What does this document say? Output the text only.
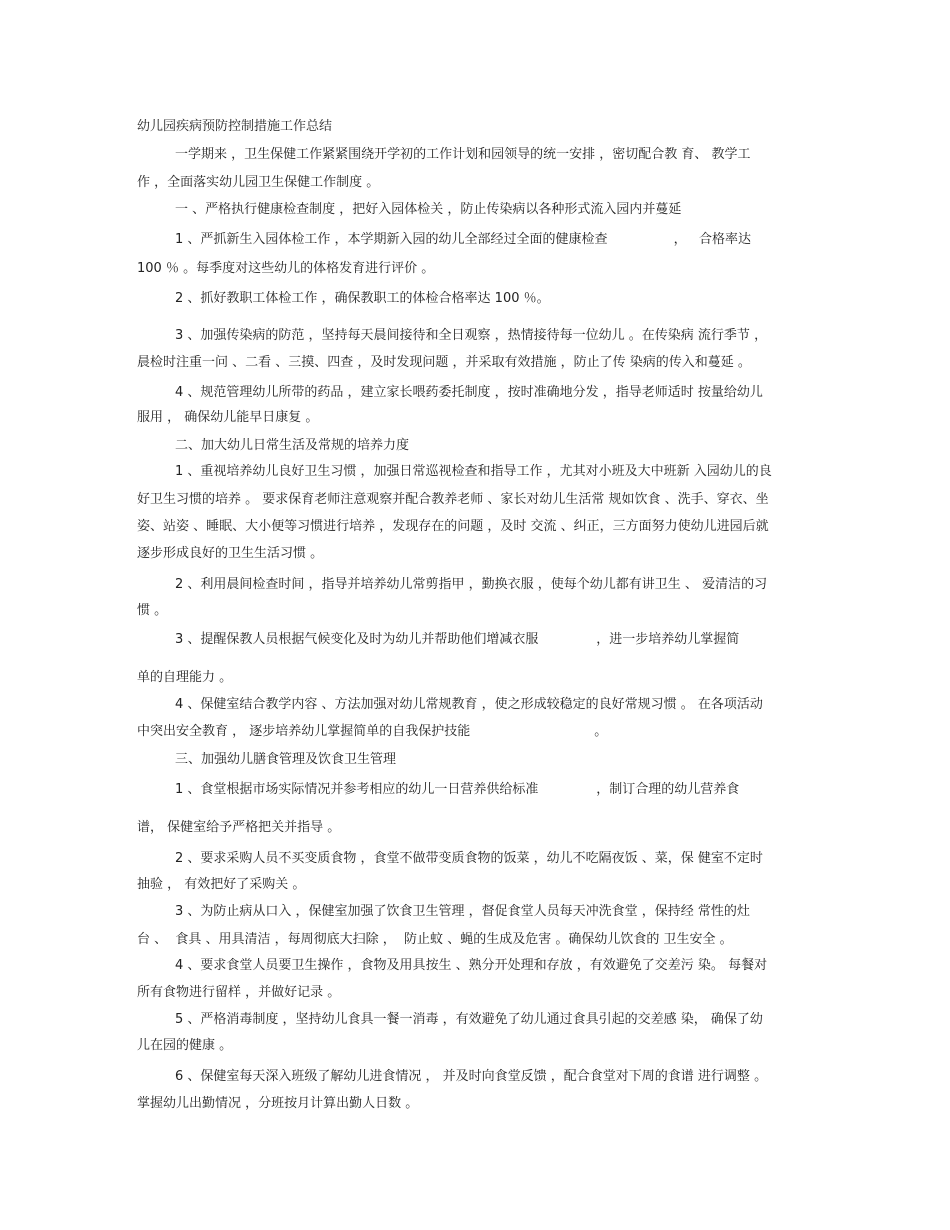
幼儿园疾病预防控制措施工作总结
一学期来 ，卫生保健工作紧紧围绕开学初的工作计划和园领导的统一安排 ，密切配合教 育、 教学工
作 ，全面落实幼儿园卫生保健工作制度 。
一 、严格执行健康检查制度 ，把好入园体检关 ，防止传染病以各种形式流入园内并蔓延
1 、严抓新生入园体检工作 ，本学期新入园的幼儿全部经过全面的健康检查                ，   合格率达
100 ％ 。每季度对这些幼儿的体格发育进行评价 。
2 、抓好教职工体检工作 ，确保教职工的体检合格率达 100 ％。
3 、加强传染病的防范 ，坚持每天晨间接待和全日观察 ，热情接待每一位幼儿 。在传染病 流行季节 ，
晨检时注重一问 、二看 、三摸、四查 ，及时发现问题 ，并采取有效措施 ，防止了传 染病的传入和蔓延 。
4 、规范管理幼儿所带的药品 ，建立家长喂药委托制度 ，按时准确地分发 ，指导老师适时 按量给幼儿
服用 ， 确保幼儿能早日康复 。
二、加大幼儿日常生活及常规的培养力度
1 、重视培养幼儿良好卫生习惯 ，加强日常巡视检查和指导工作 ，尤其对小班及大中班新 入园幼儿的良
好卫生习惯的培养 。 要求保育老师注意观察并配合教养老师 、家长对幼儿生活常 规如饮食 、洗手、穿衣、坐
姿、站姿 、睡眠、大小便等习惯进行培养 ，发现存在的问题 ，及时 交流 、纠正，三方面努力使幼儿进园后就
逐步形成良好的卫生生活习惯 。
2 、利用晨间检查时间 ，指导并培养幼儿常剪指甲 ，勤换衣服 ，使每个幼儿都有讲卫生 、 爱清洁的习
惯 。
3 、提醒保教人员根据气候变化及时为幼儿并帮助他们增减衣服              ，进一步培养幼儿掌握简
单的自理能力 。
4 、保健室结合教学内容 、方法加强对幼儿常规教育 ，使之形成较稳定的良好常规习惯 。 在各项活动
中突出安全教育 ， 逐步培养幼儿掌握简单的自我保护技能                              。
三、加强幼儿膳食管理及饮食卫生管理
1 、食堂根据市场实际情况并参考相应的幼儿一日营养供给标准              ，制订合理的幼儿营养食
谱， 保健室给予严格把关并指导 。
2 、要求采购人员不买变质食物 ，食堂不做带变质食物的饭菜 ，幼儿不吃隔夜饭 、菜，保 健室不定时
抽验 ， 有效把好了采购关 。
3 、为防止病从口入 ，保健室加强了饮食卫生管理 ，督促食堂人员每天冲洗食堂 ，保持经 常性的灶
台 、  食具 、用具清洁 ，每周彻底大扫除 ，  防止蚊 、蝇的生成及危害 。确保幼儿饮食的 卫生安全 。
4 、要求食堂人员要卫生操作 ，食物及用具按生 、熟分开处理和存放 ，有效避免了交差污 染。 每餐对
所有食物进行留样 ，并做好记录 。
5 、严格消毒制度 ，坚持幼儿食具一餐一消毒 ，有效避免了幼儿通过食具引起的交差感 染， 确保了幼
儿在园的健康 。
6 、保健室每天深入班级了解幼儿进食情况 ， 并及时向食堂反馈 ，配合食堂对下周的食谱 进行调整 。
掌握幼儿出勤情况 ，分班按月计算出勤人日数 。
